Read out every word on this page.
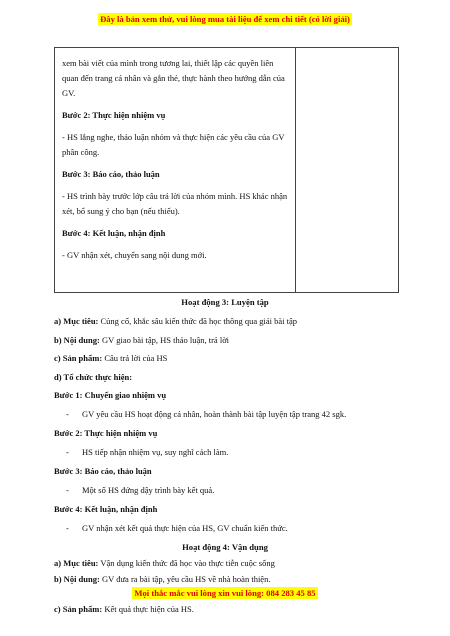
Đây là bản xem thử, vui lòng mua tài liệu để xem chi tiết (có lời giải)
xem bài viết của mình trong tương lai, thiết lập các quyền liên quan đến trang cá nhân và gắn thẻ, thực hành theo hướng dẫn của GV.
Bước 2: Thực hiện nhiệm vụ
- HS lắng nghe, thảo luận nhóm và thực hiện các yêu cầu của GV phân công.
Bước 3: Báo cáo, thảo luận
- HS trình bày trước lớp câu trả lời của nhóm mình. HS khác nhận xét, bổ sung ý cho bạn (nếu thiếu).
Bước 4: Kết luận, nhận định
- GV nhận xét, chuyển sang nội dung mới.
Hoạt động 3: Luyện tập
a) Mục tiêu: Củng cố, khắc sâu kiến thức đã học thông qua giải bài tập
b) Nội dung: GV giao bài tập, HS thảo luận, trả lời
c) Sản phẩm: Câu trả lời của HS
d) Tổ chức thực hiện:
Bước 1: Chuyển giao nhiệm vụ
- GV yêu cầu HS hoạt động cá nhân, hoàn thành bài tập luyện tập trang 42 sgk.
Bước 2: Thực hiện nhiệm vụ
- HS tiếp nhận nhiệm vụ, suy nghĩ cách làm.
Bước 3: Báo cáo, thảo luận
- Một số HS đứng dậy trình bày kết quả.
Bước 4: Kết luận, nhận định
- GV nhận xét kết quả thực hiện của HS, GV chuẩn kiến thức.
Hoạt động 4: Vận dụng
a) Mục tiêu: Vận dụng kiến thức đã học vào thực tiễn cuộc sống
b) Nội dung: GV đưa ra bài tập, yêu cầu HS về nhà hoàn thiện.
c) Sản phẩm: Kết quả thực hiện của HS.
Mọi thắc mắc vui lòng xin vui lòng: 084 283 45 85
